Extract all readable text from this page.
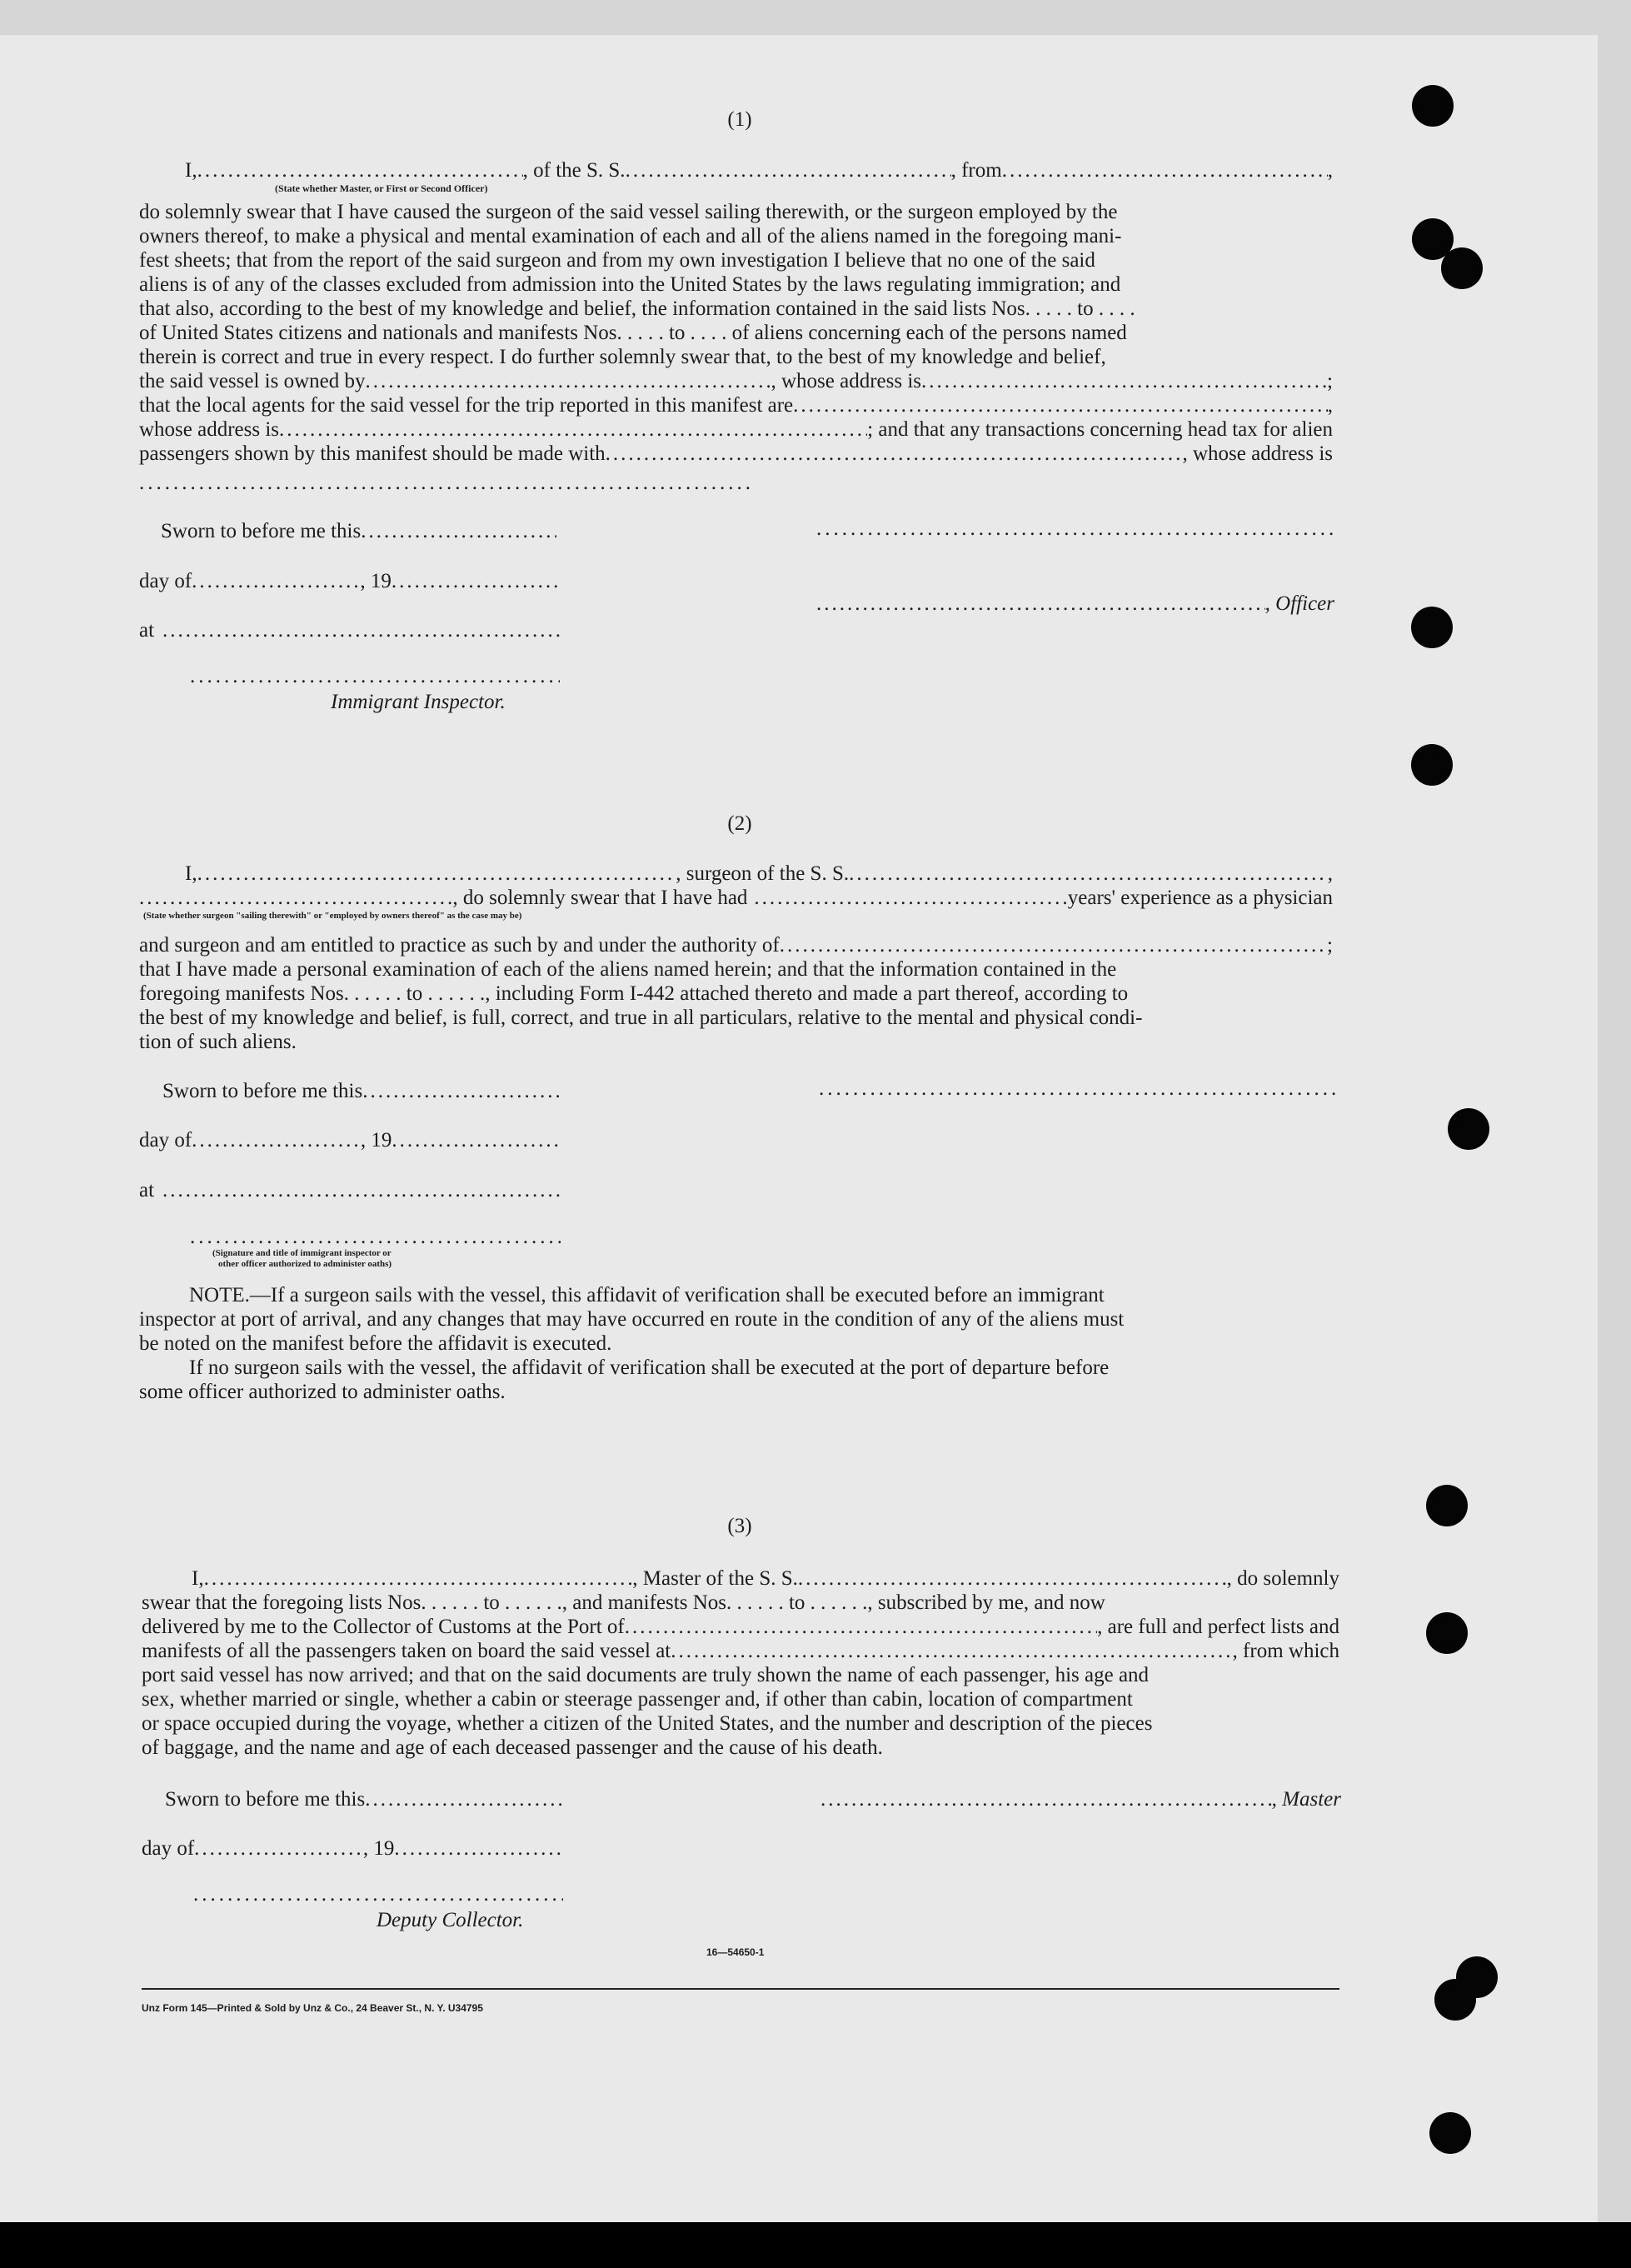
(1)
I, .....	, of the S. S. .....	, from .....	,
(State whether Master, or First or Second Officer)
do solemnly swear that I have caused the surgeon of the said vessel sailing therewith, or the surgeon employed by the
owners thereof, to make a physical and mental examination of each and all of the aliens named in the foregoing mani-
fest sheets; that from the report of the said surgeon and from my own investigation I believe that no one of the said
aliens is of any of the classes excluded from admission into the United States by the laws regulating immigration; and
that also, according to the best of my knowledge and belief, the information contained in the said lists Nos. . . . . to . . . .
of United States citizens and nationals and manifests Nos. . . . . to . . . . of aliens concerning each of the persons named
therein is correct and true in every respect. I do further solemnly swear that, to the best of my knowledge and belief,
the said vessel is owned by .....	, whose address is .....	;
that the local agents for the said vessel for the trip reported in this manifest are .....	,
whose address is .....	; and that any transactions concerning head tax for alien
passengers shown by this manifest should be made with .....	, whose address is
.....
Sworn to before me this
.....
.....
day of .....	, 19
.....
.....
, Officer
at
.....
.....
Immigrant Inspector.
(2)
I, .....	, surgeon of the S. S. .....	,
.....
, do solemnly swear that I have had .....	years' experience as a physician
(State whether surgeon "sailing therewith" or "employed by owners thereof" as the case may be)
and surgeon and am entitled to practice as such by and under the authority of .....	;
that I have made a personal examination of each of the aliens named herein; and that the information contained in the
foregoing manifests Nos. . . . . . to . . . . . ., including Form I-442 attached thereto and made a part thereof, according to
the best of my knowledge and belief, is full, correct, and true in all particulars, relative to the mental and physical condi-
tion of such aliens.
Sworn to before me this
.....
.....
day of .....	, 19
.....
at
.....
.....
(Signature and title of immigrant inspector or
other officer authorized to administer oaths)
NOTE.—If a surgeon sails with the vessel, this affidavit of verification shall be executed before an immigrant
inspector at port of arrival, and any changes that may have occurred en route in the condition of any of the aliens must
be noted on the manifest before the affidavit is executed.
If no surgeon sails with the vessel, the affidavit of verification shall be executed at the port of departure before
some officer authorized to administer oaths.
(3)
I, .....	, Master of the S. S. .....	, do solemnly
swear that the foregoing lists Nos. . . . . . to . . . . . ., and manifests Nos. . . . . . to . . . . . ., subscribed by me, and now
delivered by me to the Collector of Customs at the Port of .....	, are full and perfect lists and
manifests of all the passengers taken on board the said vessel at .....	, from which
port said vessel has now arrived; and that on the said documents are truly shown the name of each passenger, his age and
sex, whether married or single, whether a cabin or steerage passenger and, if other than cabin, location of compartment
or space occupied during the voyage, whether a citizen of the United States, and the number and description of the pieces
of baggage, and the name and age of each deceased passenger and the cause of his death.
Sworn to before me this ..... .....	, Master
day of .....	, 19
.....
.....
Deputy Collector.
16—54650-1
Unz Form 145—Printed & Sold by Unz & Co., 24 Beaver St., N. Y. U34795
